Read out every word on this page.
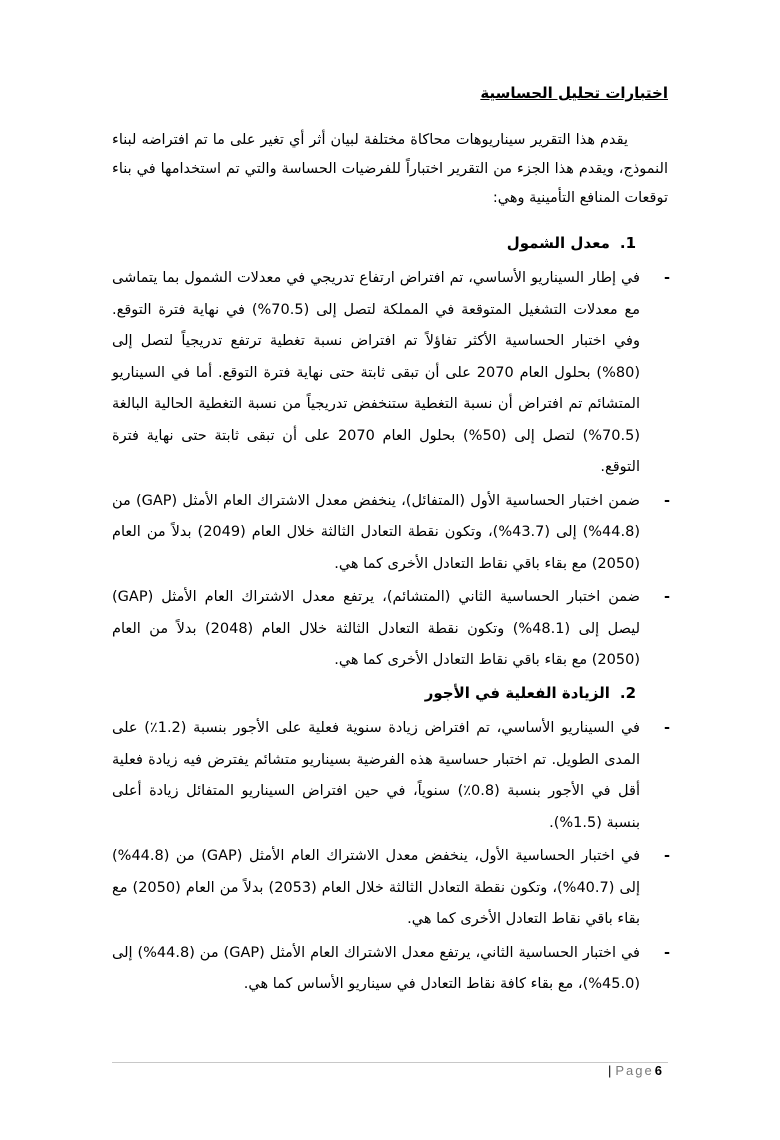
اختبارات تحليل الحساسية

يقدم هذا التقرير سيناريوهات محاكاة مختلفة لبيان أثر أي تغير على ما تم افتراضه لبناء النموذج، ويقدم هذا الجزء من التقرير اختباراً للفرضيات الحساسة والتي تم استخدامها في بناء توقعات المنافع التأمينية وهي:

1.معدل الشمول
-
في إطار السيناريو الأساسي، تم افتراض ارتفاع تدريجي في معدلات الشمول بما يتماشى مع معدلات التشغيل المتوقعة في المملكة لتصل إلى (70.5%) في نهاية فترة التوقع. وفي اختبار الحساسية الأكثر تفاؤلاً تم افتراض نسبة تغطية ترتفع تدريجياً لتصل إلى (80%) بحلول العام 2070 على أن تبقى ثابتة حتى نهاية فترة التوقع. أما في السيناريو المتشائم تم افتراض أن نسبة التغطية ستنخفض تدريجياً من نسبة التغطية الحالية البالغة (70.5%) لتصل إلى (50%) بحلول العام 2070 على أن تبقى ثابتة حتى نهاية فترة التوقع.
-
ضمن اختبار الحساسية الأول (المتفائل)، ينخفض معدل الاشتراك العام الأمثل (GAP) من (44.8%) إلى (43.7%)، وتكون نقطة التعادل الثالثة خلال العام (2049) بدلاً من العام (2050) مع بقاء باقي نقاط التعادل الأخرى كما هي.
-
ضمن اختبار الحساسية الثاني (المتشائم)، يرتفع معدل الاشتراك العام الأمثل (GAP) ليصل إلى (48.1%) وتكون نقطة التعادل الثالثة خلال العام (2048) بدلاً من العام (2050) مع بقاء باقي نقاط التعادل الأخرى كما هي.
2.الزيادة الفعلية في الأجور
-
في السيناريو الأساسي، تم افتراض زيادة سنوية فعلية على الأجور بنسبة (1.2٪) على المدى الطويل. تم اختبار حساسية هذه الفرضية بسيناريو متشائم يفترض فيه زيادة فعلية أقل في الأجور بنسبة (0.8٪) سنوياً، في حين افتراض السيناريو المتفائل زيادة أعلى بنسبة (1.5%).
-
في اختبار الحساسية الأول، ينخفض معدل الاشتراك العام الأمثل (GAP) من (44.8%) إلى (40.7%)، وتكون نقطة التعادل الثالثة خلال العام (2053) بدلاً من العام (2050) مع بقاء باقي نقاط التعادل الأخرى كما هي.
-
في اختبار الحساسية الثاني، يرتفع معدل الاشتراك العام الأمثل (GAP) من (44.8%) إلى (45.0%)، مع بقاء كافة نقاط التعادل في سيناريو الأساس كما هي.
| Page6
